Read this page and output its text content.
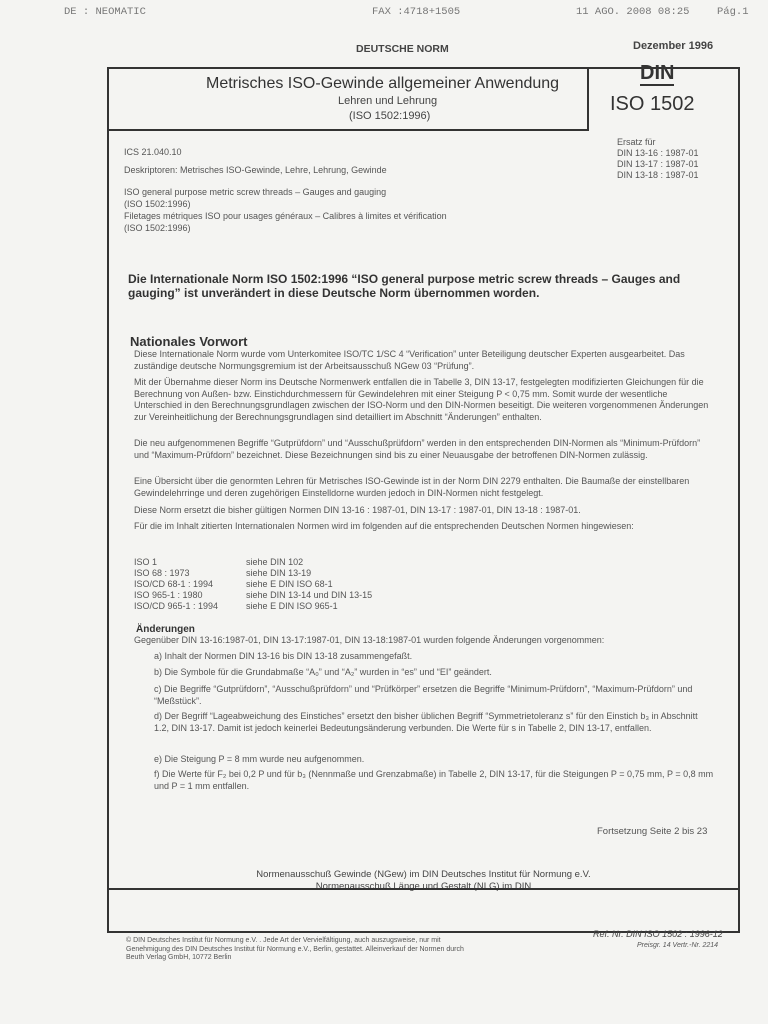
DE : NEOMATIC	FAX :4718+1505	11 AGO. 2008 08:25	Pág.1
DEUTSCHE NORM	Dezember 1996
Metrisches ISO-Gewinde allgemeiner Anwendung
Lehren und Lehrung
(ISO 1502:1996)
DIN
ISO 1502
ICS 21.040.10
Deskriptoren: Metrisches ISO-Gewinde, Lehre, Lehrung, Gewinde
Ersatz für
DIN 13-16 : 1987-01
DIN 13-17 : 1987-01
DIN 13-18 : 1987-01
ISO general purpose metric screw threads – Gauges and gauging
(ISO 1502:1996)
Filetages métriques ISO pour usages généraux – Calibres à limites et vérification
(ISO 1502:1996)
Die Internationale Norm ISO 1502:1996 “ISO general purpose metric screw threads – Gauges and gauging” ist unverändert in diese Deutsche Norm übernommen worden.
Nationales Vorwort
Diese Internationale Norm wurde vom Unterkomitee ISO/TC 1/SC 4 “Verification” unter Beteiligung deutscher Experten ausgearbeitet. Das zuständige deutsche Normungsgremium ist der Arbeitsausschuß NGew 03 “Prüfung”.
Mit der Übernahme dieser Norm ins Deutsche Normenwerk entfallen die in Tabelle 3, DIN 13-17, festgelegten modifizierten Gleichungen für die Berechnung von Außen- bzw. Einstichdurchmessern für Gewindelehren mit einer Steigung P < 0,75 mm. Somit wurde der wesentliche Unterschied in den Berechnungsgrundlagen zwischen der ISO-Norm und den DIN-Normen beseitigt. Die weiteren vorgenommenen Änderungen zur Vereinheitlichung der Berechnungsgrundlagen sind detailliert im Abschnitt “Änderungen” enthalten.
Die neu aufgenommenen Begriffe “Gutprüfdorn” und “Ausschußprüfdorn” werden in den entsprechenden DIN-Normen als “Minimum-Prüfdorn” und “Maximum-Prüfdorn” bezeichnet. Diese Bezeichnungen sind bis zu einer Neuausgabe der betroffenen DIN-Normen zulässig.
Eine Übersicht über die genormten Lehren für Metrisches ISO-Gewinde ist in der Norm DIN 2279 enthalten. Die Baumaße der einstellbaren Gewindelehrringe und deren zugehörigen Einstelldorne wurden jedoch in DIN-Normen nicht festgelegt.
Diese Norm ersetzt die bisher gültigen Normen DIN 13-16 : 1987-01, DIN 13-17 : 1987-01, DIN 13-18 : 1987-01.
Für die im Inhalt zitierten Internationalen Normen wird im folgenden auf die entsprechenden Deutschen Normen hingewiesen:
ISO 1	siehe DIN 102
ISO 68 : 1973	siehe DIN 13-19
ISO/CD 68-1 : 1994	siehe E DIN ISO 68-1
ISO 965-1 : 1980	siehe DIN 13-14 und DIN 13-15
ISO/CD 965-1 : 1994	siehe E DIN ISO 965-1
Änderungen
Gegenüber DIN 13-16:1987-01, DIN 13-17:1987-01, DIN 13-18:1987-01 wurden folgende Änderungen vorgenommen:
a) Inhalt der Normen DIN 13-16 bis DIN 13-18 zusammengefaßt.
b) Die Symbole für die Grundabmaße “A₀” und “A₂” wurden in “es” und “EI” geändert.
c) Die Begriffe “Gutprüfdorn”, “Ausschußprüfdorn” und “Prüfkörper” ersetzen die Begriffe “Minimum-Prüfdorn”, “Maximum-Prüfdorn” und “Meßstück”.
d) Der Begriff “Lageabweichung des Einstiches” ersetzt den bisher üblichen Begriff “Symmetrietoleranz s” für den Einstich b₃ in Abschnitt 1.2, DIN 13-17. Damit ist jedoch keinerlei Bedeutungsänderung verbunden. Die Werte für s in Tabelle 2, DIN 13-17, entfallen.
e) Die Steigung P = 8 mm wurde neu aufgenommen.
f) Die Werte für F₂ bei 0,2 P und für b₃ (Nennmaße und Grenzabmaße) in Tabelle 2, DIN 13-17, für die Steigungen P = 0,75 mm, P = 0,8 mm und P = 1 mm entfallen.
Fortsetzung Seite 2 bis 23
Normenausschuß Gewinde (NGew) im DIN Deutsches Institut für Normung e.V.
Normenausschuß Länge und Gestalt (NLG) im DIN
© DIN Deutsches Institut für Normung e.V. . Jede Art der Vervielfältigung, auch auszugsweise, nur mit Genehmigung des DIN Deutsches Institut für Normung e.V., Berlin, gestattet. Alleinverkauf der Normen durch Beuth Verlag GmbH, 10772 Berlin
Ref. Nr. DIN ISO 1502 : 1996-12
Preisgr. 14 Vertr.-Nr. 2214
